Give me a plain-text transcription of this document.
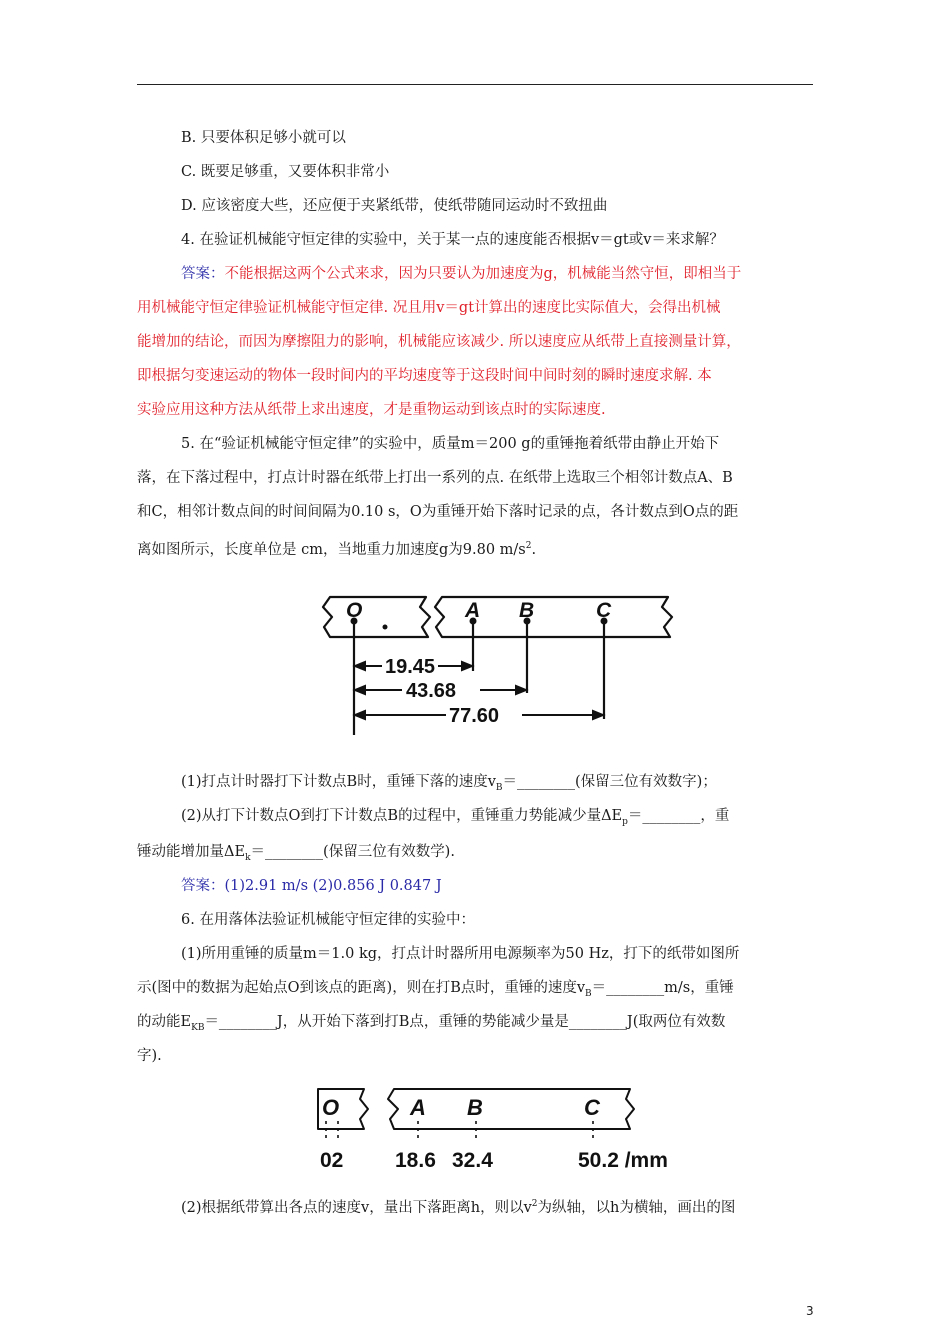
B. 只要体积足够小就可以
C. 既要足够重，又要体积非常小
D. 应该密度大些，还应便于夹紧纸带，使纸带随同运动时不致扭曲
4. 在验证机械能守恒定律的实验中，关于某一点的速度能否根据v＝gt或v＝来求解？
答案：不能根据这两个公式来求，因为只要认为加速度为g，机械能当然守恒，即相当于
用机械能守恒定律验证机械能守恒定律. 况且用v＝gt计算出的速度比实际值大，会得出机械
能增加的结论，而因为摩擦阻力的影响，机械能应该减少. 所以速度应从纸带上直接测量计算，
即根据匀变速运动的物体一段时间内的平均速度等于这段时间中间时刻的瞬时速度求解. 本
实验应用这种方法从纸带上求出速度，才是重物运动到该点时的实际速度.
5. 在“验证机械能守恒定律”的实验中，质量m＝200 g的重锤拖着纸带由静止开始下
落，在下落过程中，打点计时器在纸带上打出一系列的点. 在纸带上选取三个相邻计数点A、B
和C，相邻计数点间的时间间隔为0.10 s，O为重锤开始下落时记录的点，各计数点到O点的距
离如图所示，长度单位是 cm，当地重力加速度g为9.80 $m/s^2$.
O	A B	C
19.45
43.68
77.60
(1)打点计时器打下计数点B时，重锤下落的速度$v_B=\_\_\_\_\_\_\_\_$(保留三位有效数字)；
(2)从打下计数点O到打下计数点B的过程中，重锤重力势能减少量$\Delta E_p=\_\_\_\_\_\_\_\_$，重
锤动能增加量$\Delta E_k=\_\_\_\_\_\_\_\_$(保留三位有效数学).
答案：(1)2.91 m/s (2)0.856 J 0.847 J
6. 在用落体法验证机械能守恒定律的实验中：
(1)所用重锤的质量m＝1.0 kg，打点计时器所用电源频率为50 Hz，打下的纸带如图所
示(图中的数据为起始点O到该点的距离)，则在打B点时，重锤的速度$v_B=\_\_\_\_\_\_\_\_m/s$，重锤
的动能$E_{KB}=\_\_\_\_\_\_\_\_J$，从开始下落到打B点，重锤的势能减少量是________J(取两位有效数
字).
O	A B	C
02 18.6 32.4	50.2 /mm
(2)根据纸带算出各点的速度v，量出下落距离h，则以$v^2$为纵轴，以h为横轴，画出的图
3
